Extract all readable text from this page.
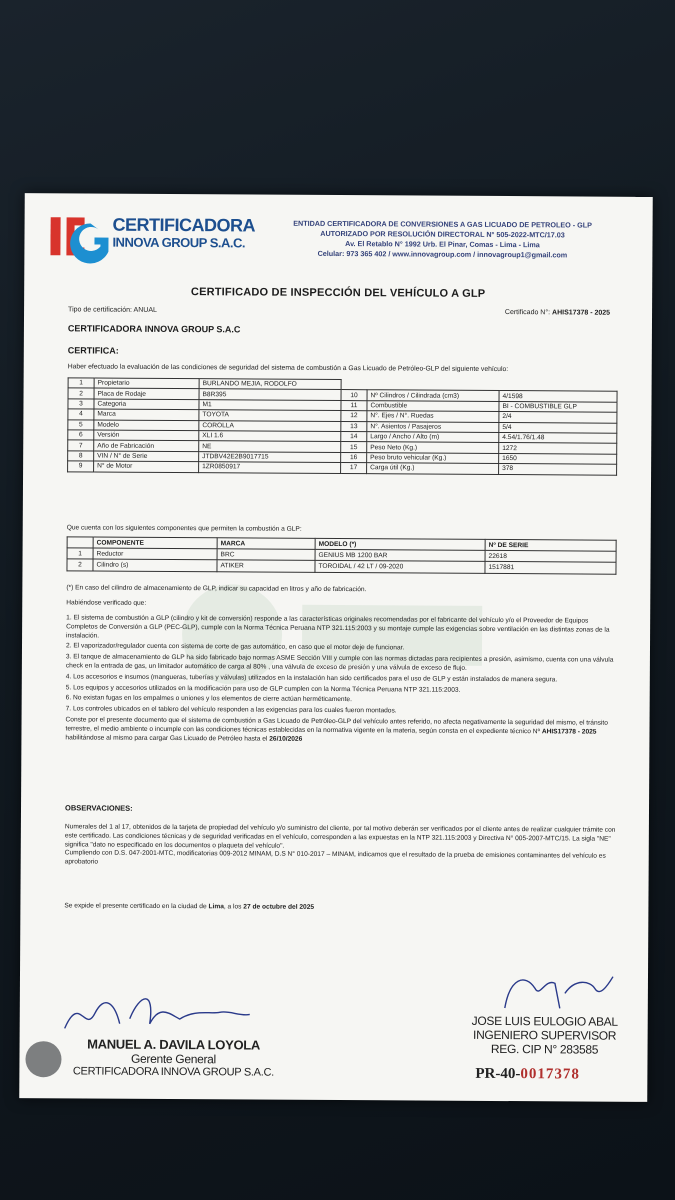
CERTIFICADORA
INNOVA GROUP S.A.C.
ENTIDAD CERTIFICADORA DE CONVERSIONES A GAS LICUADO DE PETROLEO - GLP
AUTORIZADO POR RESOLUCIÓN DIRECTORAL N° 505-2022-MTC/17.03
Av. El Retablo N° 1992 Urb. El Pinar, Comas - Lima - Lima
Celular: 973 365 402 / www.innovagroup.com / innovagroup1@gmail.com
CERTIFICADO DE INSPECCIÓN DEL VEHÍCULO A GLP
Tipo de certificación: ANUAL	Certificado N°: AHIS17378 - 2025
CERTIFICADORA INNOVA GROUP S.A.C
CERTIFICA:
Haber efectuado la evaluación de las condiciones de seguridad del sistema de combustión a Gas Licuado de Petróleo-GLP del siguiente vehículo:
1	Propietario	BURLANDO MEJIA, RODOLFO			
2	Placa de Rodaje	B8R395	10	Nº Cilindros / Cilindrada (cm3)	4/1598
3	Categoria	M1	11	Combustible	BI - COMBUSTIBLE GLP
4	Marca	TOYOTA	12	N°. Ejes / N°. Ruedas	2/4
5	Modelo	COROLLA	13	N°. Asientos / Pasajeros	5/4
6	Versión	XLI 1.6	14	Largo / Ancho / Alto (m)	4.54/1.76/1.48
7	Año de Fabricación	NE	15	Peso Neto (Kg.)	1272
8	VIN / N° de Serie	JTDBV42E2B9017715	16	Peso bruto vehicular (Kg.)	1650
9	N° de Motor	1ZR0850917	17	Carga útil (Kg.)	378
Que cuenta con los siguientes componentes que permiten la combustión a GLP:
	COMPONENTE	MARCA	MODELO (*)	Nº DE SERIE
1	Reductor	BRC	GENIUS MB 1200 BAR	22618
2	Cilindro (s)	ATIKER	TOROIDAL / 42 LT / 09-2020	1517881
(*) En caso del cilindro de almacenamiento de GLP, indicar su capacidad en litros y año de fabricación.
Habiéndose verificado que:
1. El sistema de combustión a GLP (cilindro y kit de conversión) responde a las características originales recomendadas por el fabricante del vehículo y/o el Proveedor de Equipos Completos de Conversión a GLP (PEC-GLP), cumple con la Norma Técnica Peruana NTP 321.115:2003 y su montaje cumple las exigencias sobre ventilación en las distintas zonas de la instalación.
2. El vaporizador/regulador cuenta con sistema de corte de gas automático, en caso que el motor deje de funcionar.
3. El tanque de almacenamiento de GLP ha sido fabricado bajo normas ASME Sección VIII y cumple con las normas dictadas para recipientes a presión, asimismo, cuenta con una válvula check en la entrada de gas, un limitador automático de carga al 80% , una válvula de exceso de presión y una válvula de exceso de flujo.
4. Los accesorios e insumos (mangueras, tuberías y válvulas) utilizados en la instalación han sido certificados para el uso de GLP y están instalados de manera segura.
5. Los equipos y accesorios utilizados en la modificación para uso de GLP cumplen con la Norma Técnica Peruana NTP 321.115:2003.
6. No existan fugas en los empalmes o uniones y los elementos de cierre actúan herméticamente.
7. Los controles ubicados en el tablero del vehículo responden a las exigencias para los cuales fueron montados.
Conste por el presente documento que el sistema de combustión a Gas Licuado de Petróleo-GLP del vehículo antes referido, no afecta negativamente la seguridad del mismo, el tránsito terrestre, el medio ambiente o incumple con las condiciones técnicas establecidas en la normativa vigente en la materia, según consta en el expediente técnico Nº AHIS17378 - 2025 habilitándose al mismo para cargar Gas Licuado de Petróleo hasta el 26/10/2026
OBSERVACIONES:
Numerales del 1 al 17, obtenidos de la tarjeta de propiedad del vehículo y/o suministro del cliente, por tal motivo deberán ser verificados por el cliente antes de realizar cualquier trámite con este certificado. Las condiciones técnicas y de seguridad verificadas en el vehículo, corresponden a las expuestas en la NTP 321.115:2003 y Directiva N° 005-2007-MTC/15. La sigla "NE" significa "dato no especificado en los documentos o plaqueta del vehículo".
Cumpliendo con D.S. 047-2001-MTC, modificatorias 009-2012 MINAM, D.S N° 010-2017 – MINAM, indicamos que el resultado de la prueba de emisiones contaminantes del vehículo es aprobatorio
Se expide el presente certificado en la ciudad de Lima, a los 27 de octubre del 2025
MANUEL A. DAVILA LOYOLA
Gerente General
CERTIFICADORA INNOVA GROUP S.A.C.
JOSE LUIS EULOGIO ABAL
INGENIERO SUPERVISOR
REG. CIP N° 283585
PR-40-0017378
